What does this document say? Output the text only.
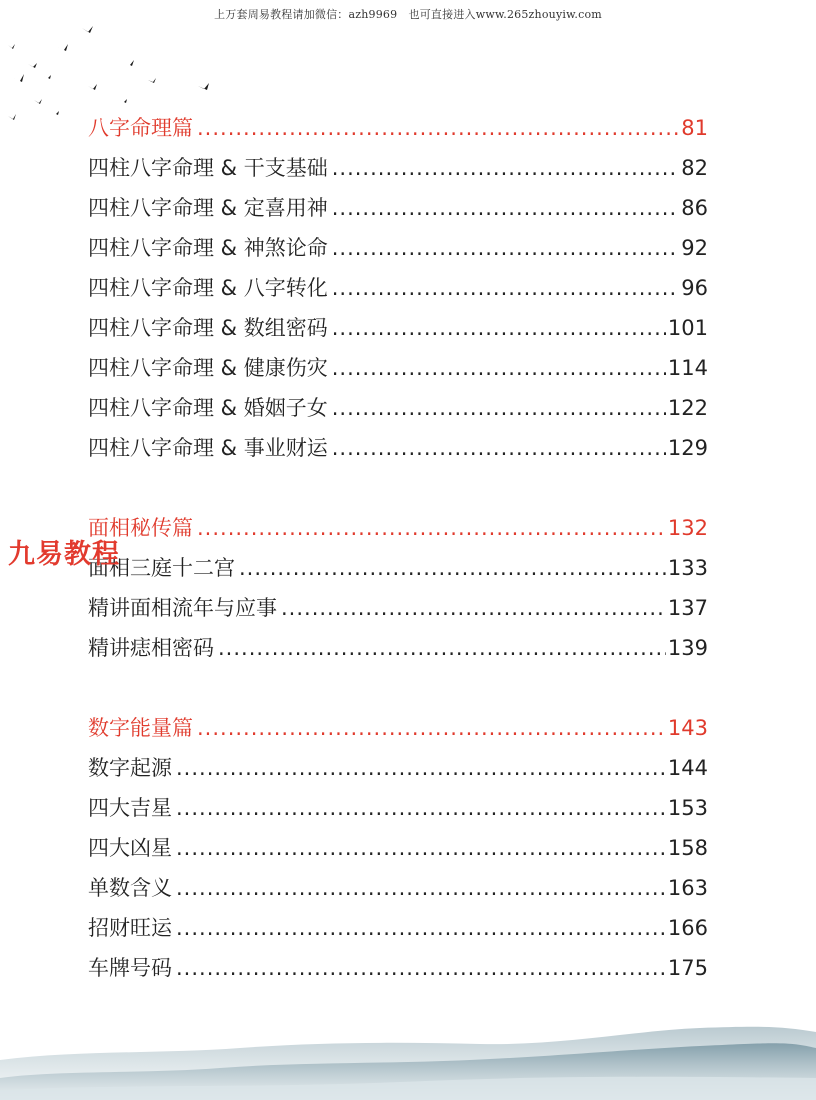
上万套周易教程请加微信：azh9969　也可直接进入www.265zhouyiw.com
九易教程
八字命理篇 .....	81
四柱八字命理 & 干支基础 .....	82
四柱八字命理 & 定喜用神 .....	86
四柱八字命理 & 神煞论命 .....	92
四柱八字命理 & 八字转化 .....	96
四柱八字命理 & 数组密码 .....	101
四柱八字命理 & 健康伤灾 .....	114
四柱八字命理 & 婚姻子女 .....	122
四柱八字命理 & 事业财运 .....	129
面相秘传篇 .....	132
面相三庭十二宫 .....	133
精讲面相流年与应事 .....	137
精讲痣相密码 .....	139
数字能量篇 .....	143
数字起源 .....	144
四大吉星 .....	153
四大凶星 .....	158
单数含义 .....	163
招财旺运 .....	166
车牌号码 .....	175
